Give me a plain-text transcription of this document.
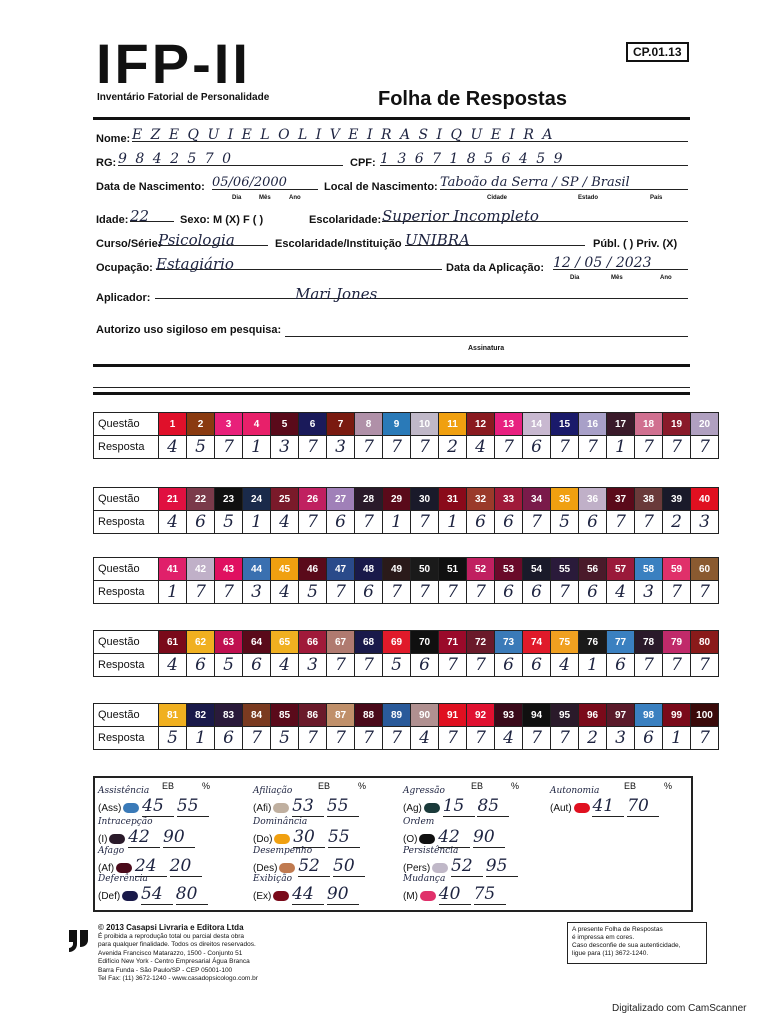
IFP-II
Inventário Fatorial de Personalidade
CP.01.13
Folha de Respostas
Nome: E Z E Q U I E L O L I V E I R A S I Q U E I R A
RG: 9 8 4 2 5 7 0	CPF: 1 3 6 7 1 8 5 6 4 5 9
Data de Nascimento: 05/06/2000
Dia	Mês	Ano
Local de Nascimento: Taboão da Serra / SP / Brasil
Cidade	Estado	País
Idade: 22	Sexo: M (X) F ( )	Escolaridade: Superior Incompleto
Curso/Série:
Psicologia	Escolaridade/Instituição UNIBRA	Públ. ( ) Priv. (X)
Ocupação: Estagiário	Data da Aplicação: 12 / 05 / 2023
Dia	Mês	Ano
Aplicador:	Mari Jones
Autorizo uso sigiloso em pesquisa:
Assinatura
Questão	1	2	3	4	5	6	7	8	9	10	11	12	13	14	15	16	17	18	19	20
Resposta	4	5	7	1	3	7	3	7	7	7	2	4	7	6	7	7	1	7	7	7
Questão	21	22	23	24	25	26	27	28	29	30	31	32	33	34	35	36	37	38	39	40
Resposta	4	6	5	1	4	7	6	7	1	7	1	6	6	7	5	6	7	7	2	3
Questão	41	42	43	44	45	46	47	48	49	50	51	52	53	54	55	56	57	58	59	60
Resposta	1	7	7	3	4	5	7	6	7	7	7	7	6	6	7	6	4	3	7	7
Questão	61	62	63	64	65	66	67	68	69	70	71	72	73	74	75	76	77	78	79	80
Resposta	4	6	5	6	4	3	7	7	5	6	7	7	6	6	4	1	6	7	7	7
Questão	81	82	83	84	85	86	87	88	89	90	91	92	93	94	95	96	97	98	99	100
Resposta	5	1	6	7	5	7	7	7	7	4	7	7	4	7	7	2	3	6	1	7
EB	%	EB	%	EB	%	EB	%
Assistência
(Ass) 45 55
Afiliação
(Afi) 53 55
Agressão
(Ag) 15 85
Autonomia
(Aut) 41 70
Intracepção
(I) 42 90
Dominância
(Do) 30 55
Ordem
(O) 42 90
Afago
(Af) 24 20
Desempenho
(Des) 52 50
Persistência
(Pers) 52 95
Deferência
(Def) 54 80
Exibição
(Ex) 44 90
Mudança
(M) 40 75
© 2013 Casapsi Livraria e Editora Ltda
É proibida a reprodução total ou parcial desta obra
para qualquer finalidade. Todos os direitos reservados.
Avenida Francisco Matarazzo, 1500 - Conjunto 51
Edifício New York - Centro Empresarial Água Branca
Barra Funda - São Paulo/SP - CEP 05001-100
Tel Fax: (11) 3672-1240 - www.casadopsicologo.com.br
A presente Folha de Respostas
é impressa em cores.
Caso desconfie de sua autenticidade,
ligue para (11) 3672-1240.
Digitalizado com CamScanner
